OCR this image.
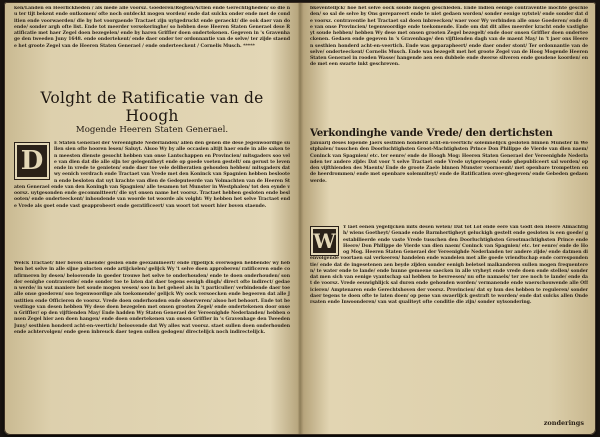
ken/Landen en Heerlickheden / als mede alle voorsz. Goederen/Regten/Actien ende Gerechtigheden/ so die nu ter tijt bekent ende ontkomen/ ofte noch ontdeckt mogen worden/ ende dat sulckx onder ende met de conditien ende voorwaerden/ die by het voorgaende Tractaet zijn uytgedruckt ende geraeckt/ die ook daer van doende/ sonder argh ofte list. Ende tot meerder versekeringhe/ so hebben dese Heeren Staten Generael dese Ratificatie met haer Zegel doen bezegelen/ ende by haren Griffier doen ondertekenen. Gegeven in 's Gravenhage den tweeden Juny 1648. ende ondertekent/ ende daer onder ter ordonnantie van de selve/ ter zijde staende het groote Zegel van de Heeren Staten Generael / ende onderteeckent / Cornelis Musch. *****
Volght de Ratificatie van de Hoogh
Mogende Heeren Staten Generael.
D
E Staten Generael der Vereenighde Nederlanden/ allen den genen die dese Jegenwoordige sullen sien ofte hooren lesen/ Saluyt. Alsoo Wy by alle occasien altijt haer ende in alle saken ten meesten dienste gesocht hebben van onse Lantschappen en Provincien/ mitsgaders soo vele van dien dat die alle sijn ter gelegentheyt ende op goede voeten gestelt/ om gerust te leven ende in vrede te genieten/ ende daer toe vele deliberatien gehouden hebben/ mitsgaders dat wy eenich verdrach ende Tractaet van Vrede met den Koninck van Spagnien hebben beslooten ende besloten dat uyt krachte van dien de Gedeputeerde van Volmachten van de Heeren Staten Generael ende van den Koningh van Spagnien/ alle tesamen tot Munster in Westphalen/ tot den eynde voorsz. uytgesonden ende gecommitteert/ die uyt onsen name het voorsz. Tractaet hebben gesloten ende beslooten/ ende onderteeckent/ inhoudende van woorde tot woorde als volght: Wy hebben het selve Tractaet ende Vrede als goet ende vast geapprobeert ende geratificeert/ van woort tot woort hier boven staende.
Welck Tractaet/ hier boven staende/ gesien ende geexamineert/ ende rijpelijck overwogen hebbende/ wy hebben het selve in alle sijne poincten ende artijckelen/ gelijck Wy 't selve doen approberen/ ratificeren ende confirmeren by desen/ beloovende in goeder trouwe het selve te onderhouden/ ende te doen onderhouden/ sonder eenighe contraventie/ ende sonder toe te laten dat daer tegens eenigh dingh/ direct ofte indirect/ gedaen werde/ in wat maniere het soude mogen wesen/ soo in het geheel als in 't particulier/ verbindende daer toe alle onse goederen/ soo tegenwoordige als toekomende/ gelijck Wy oock versoecken ende begeeren dat alle Justitien ende Officieren de voorsz. Vrede doen onderhouden ende observeren/ alsoo het behoort. Ende tot bevestinge van desen hebben Wy dese doen bezegelen met onsen grooten Zegel/ ende ondertekenen door onsen Griffier/ op den vijftienden May/ Ende hadden Wy Staten Generael der Vereenighde Nederlanden/ hebben onsen Zegel hier aen doen hangen/ ende doen ondertekenen van onsen Griffier in 's Gravenhage den Tweeden Juny/ sesthien honderd acht-en-veertich/ beloovende dat Wy alles wat voorsz. staet sullen doen onderhouden ende achtervolgen/ ende geen inbreuck daer tegen sullen gedogen/ directelijck noch indirectelijck.
bkeventelijck/ hoe het selve oock soude mogen geschieden. Ende indien eenige contraventie mochte geschieden/ so sal de selve by Ons gerepareert ende te niet gedaen worden/ sonder eenige uytstel/ ende sonder dat de voorsz. contraventie het Tractaet sal doen inbreecken/ waer voor Wy verbinden alle onse Goederen/ ende die van onse Provincien/ tegenwoordige ende toekomende. Ende om dat dit alles meerder kracht ende vastigheyt soude hebben/ hebben Wy dese met onsen grooten Zegel bezegelt/ ende door onsen Griffier doen onderteeckenen. Gedaen ende gegeven in 's Gravenhage/ den vijftienden dagh van de maent May/ in 't jaer ons Heeren sesthien honderd acht-en-veertich. Ende was geparapheert/ ende daer onder stont/ Ter ordonnantie van de selve/ onderteeckent/ Cornelis Musch. Ende was bezegelt met het groote Zegel van de Hoog Mogende Heeren Staten Generael in rooden Wasse/ hangende aen een dubbele ende dwerse silveren ende goudene koorden/ ende met een swarte inkt geschreven.
Verkondinghe vande Vrede/ den dertichsten
Januarij deses lopende Jaers sesthien honderd acht-en-veertich/ solemnelijck gesloten binnen Munster in Westphalen/ tusschen den Doorluchtighsten Groot-Machtighsten Prince Don Philippe de Vierde van dien naem/ Coninck van Spagnien/ etc. ter eenre/ ende de Hoogh Mog: Heeren Staten Generael der Vereenighde Nederlanden ter andere zijde: Dat voor 't selve Tractaet ende Vrede uytgeroepen/ ende ghepubliceert sal worden/ op den vijfthienden des Maents/ Ende de groote Zaele binnen Munster voornoemt/ met openbare trompetten ende heerdrommen/ ende met openbare solemniteyt/ ende de Ratificatien over-ghegeven/ ende Gebeden gedaen werde.
W
Y laet eenen yegelijcken mits desen weten/ Dat tot Lof ende eere van Godt den Heere Almachtigh/ wiens Goetheyt/ Genade ende Barmhertigheyt geluckigh gestelt ende gesloten is een goede/ gestabilieerde ende vaste Vrede tusschen den Doorluchtighsten Grootmachtighsten Prince ende Heere/ Don Philippe de Vierde van dien naem/ Coninck van Spagnien/ etc. ter eenre/ ende de Hoog Mog. Heeren Staten Generael der Vereenighde Nederlanden ter andere zijde/ ende datmen dienvolgende voortaen sal verkeeren/ handelen ende wandelen met alle goede vriendtschap ende correspondentie/ ende dat de ingesetenen aen beyde zijden sonder eenigh beletsel malkanderen sullen mogen frequenteren/ te water ende te lande/ ende hunne gemeene saecken in alle vryheyt ende vrede doen ende stellen/ sonder dat men sich van eenige vyantschap sal hebben te bevreesen/ nu ofte namaels/ ter zee noch te lande/ ende dat de voorsz. Vrede eeuwighlijck sal duren ende gehouden worden/ vermanende ende waerschouwende alle Officieren/ Amptenaren ende Gerechtshoven der voorsz. Provincien/ dat sy hun des hebben te reguleren/ sonder daer tegens te doen ofte te laten doen/ op pene van swaerlijck gestraft te worden/ ende dat sulcks allen Ondersaten ende Inwoonderen/ van wat qualiteyt ofte conditie die zijn/ sonder uytsondering.
zonderings
